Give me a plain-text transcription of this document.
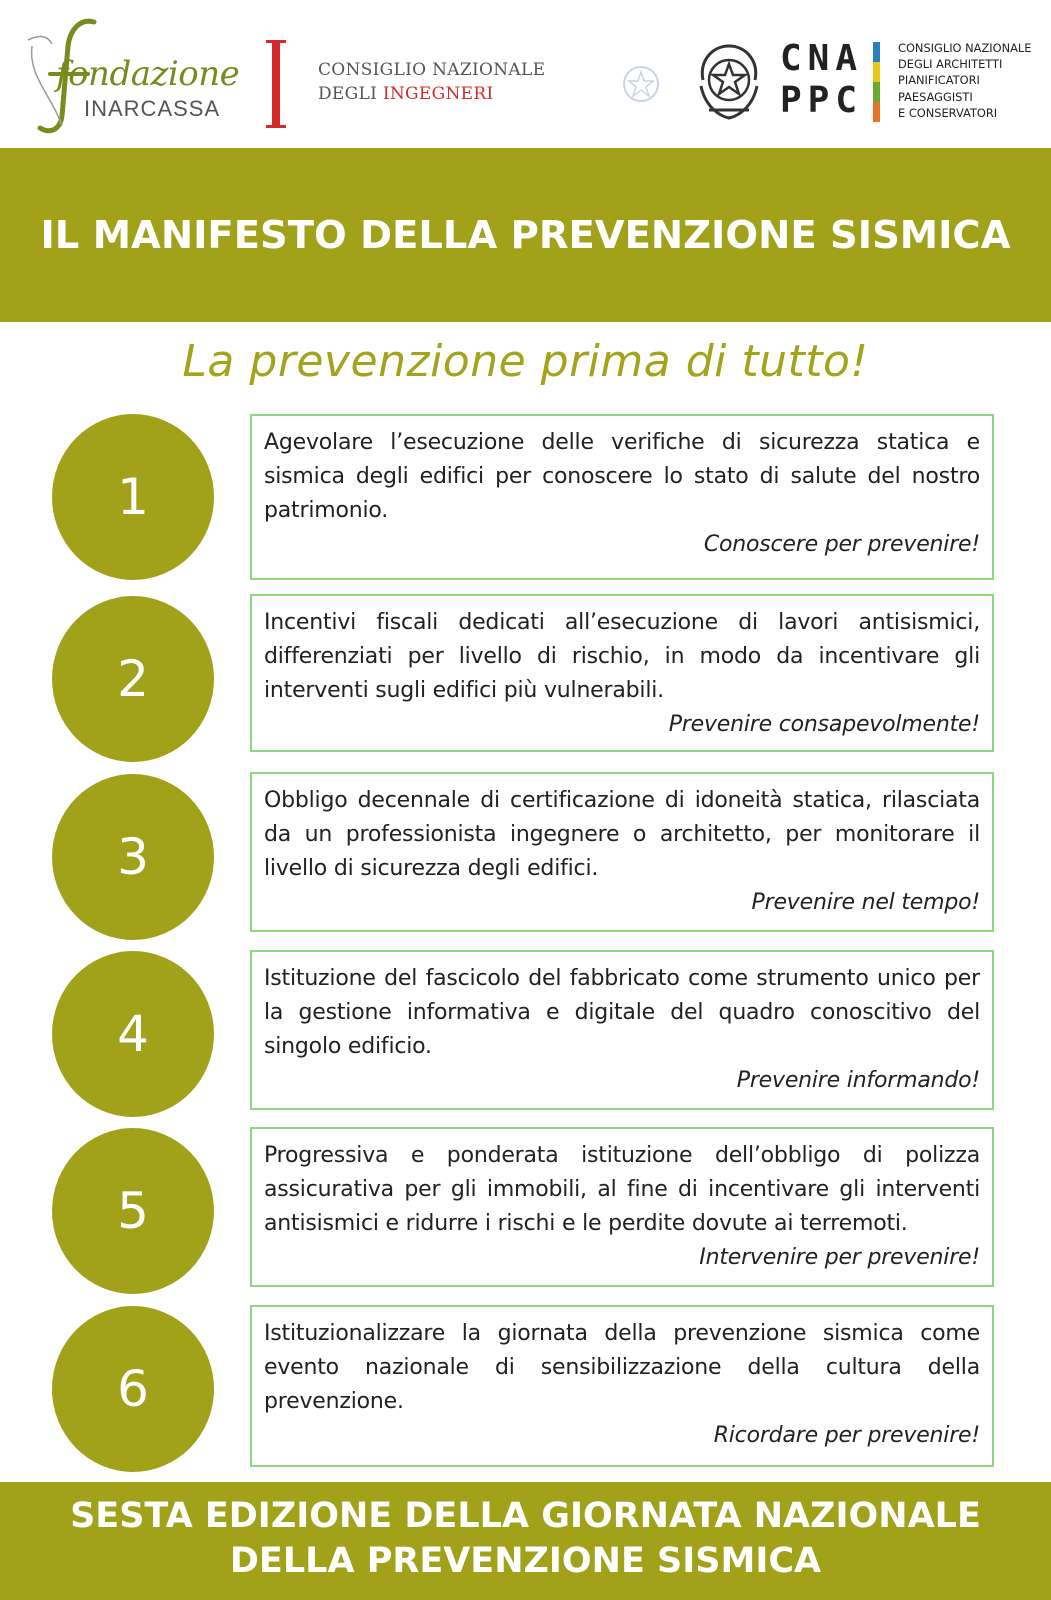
fondazione
INARCASSA
CONSIGLIO NAZIONALE
DEGLI INGEGNERI
CNA
PPC
CONSIGLIO NAZIONALE
DEGLI ARCHITETTI
PIANIFICATORI
PAESAGGISTI
E CONSERVATORI
IL MANIFESTO DELLA PREVENZIONE SISMICA
La prevenzione prima di tutto!
1

Agevolare l’esecuzione delle verifiche di sicurezza statica e sismica degli edifici per conoscere lo stato di salute del nostro patrimonio.

Conoscere per prevenire!

2

Incentivi fiscali dedicati all’esecuzione di lavori antisismici, differenziati per livello di rischio, in modo da incentivare gli interventi sugli edifici più vulnerabili.

Prevenire consapevolmente!

3

Obbligo decennale di certificazione di idoneità statica, rilasciata da un professionista ingegnere o architetto, per monitorare il livello di sicurezza degli edifici.

Prevenire nel tempo!

4

Istituzione del fascicolo del fabbricato come strumento unico per la gestione informativa e digitale del quadro conoscitivo del singolo edificio.

Prevenire informando!

5

Progressiva e ponderata istituzione dell’obbligo di polizza assicurativa per gli immobili, al fine di incentivare gli interventi antisismici e ridurre i rischi e le perdite dovute ai terremoti.

Intervenire per prevenire!

6

Istituzionalizzare la giornata della prevenzione sismica come evento nazionale di sensibilizzazione della cultura della prevenzione.

Ricordare per prevenire!

SESTA EDIZIONE DELLA GIORNATA NAZIONALE
DELLA PREVENZIONE SISMICA
